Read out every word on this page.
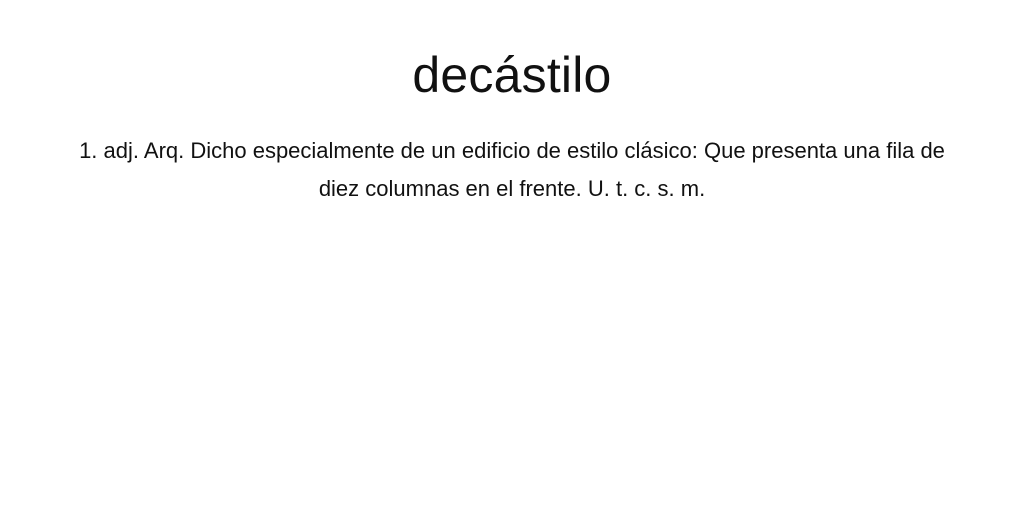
decástilo

1. adj. Arq. Dicho especialmente de un edificio de estilo clásico: Que presenta una fila de diez columnas en el frente. U. t. c. s. m.
